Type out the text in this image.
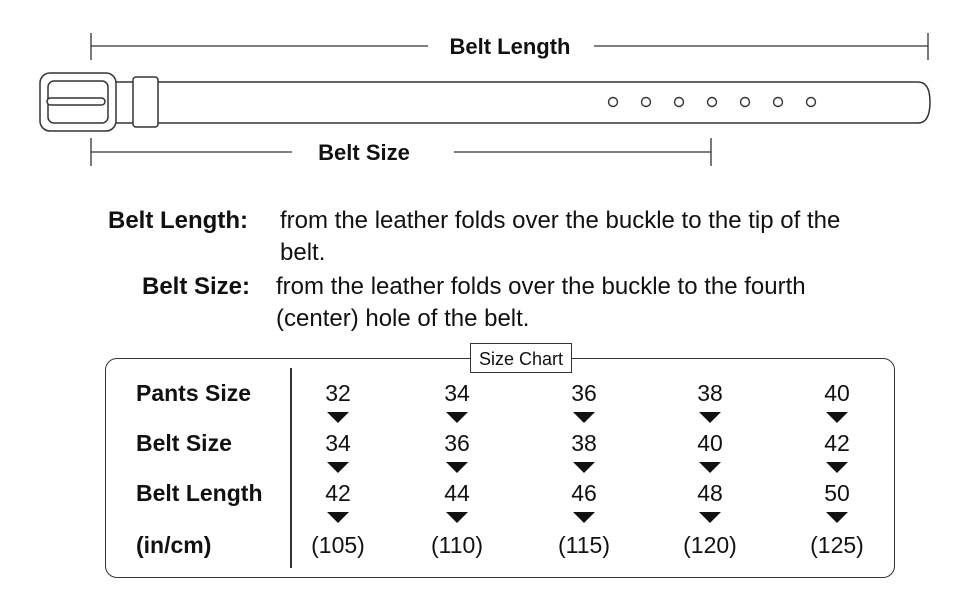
Belt Length
Belt Size
Belt Length:	from the leather folds over the buckle to the tip of the belt.
Belt Size:	from the leather folds over the buckle to the fourth (center) hole of the belt.
Size Chart
Pants Size
Belt Size
Belt Length
(in/cm)
32
34
42
(105)
34
36
44
(110)
36
38
46
(115)
38
40
48
(120)
40
42
50
(125)
